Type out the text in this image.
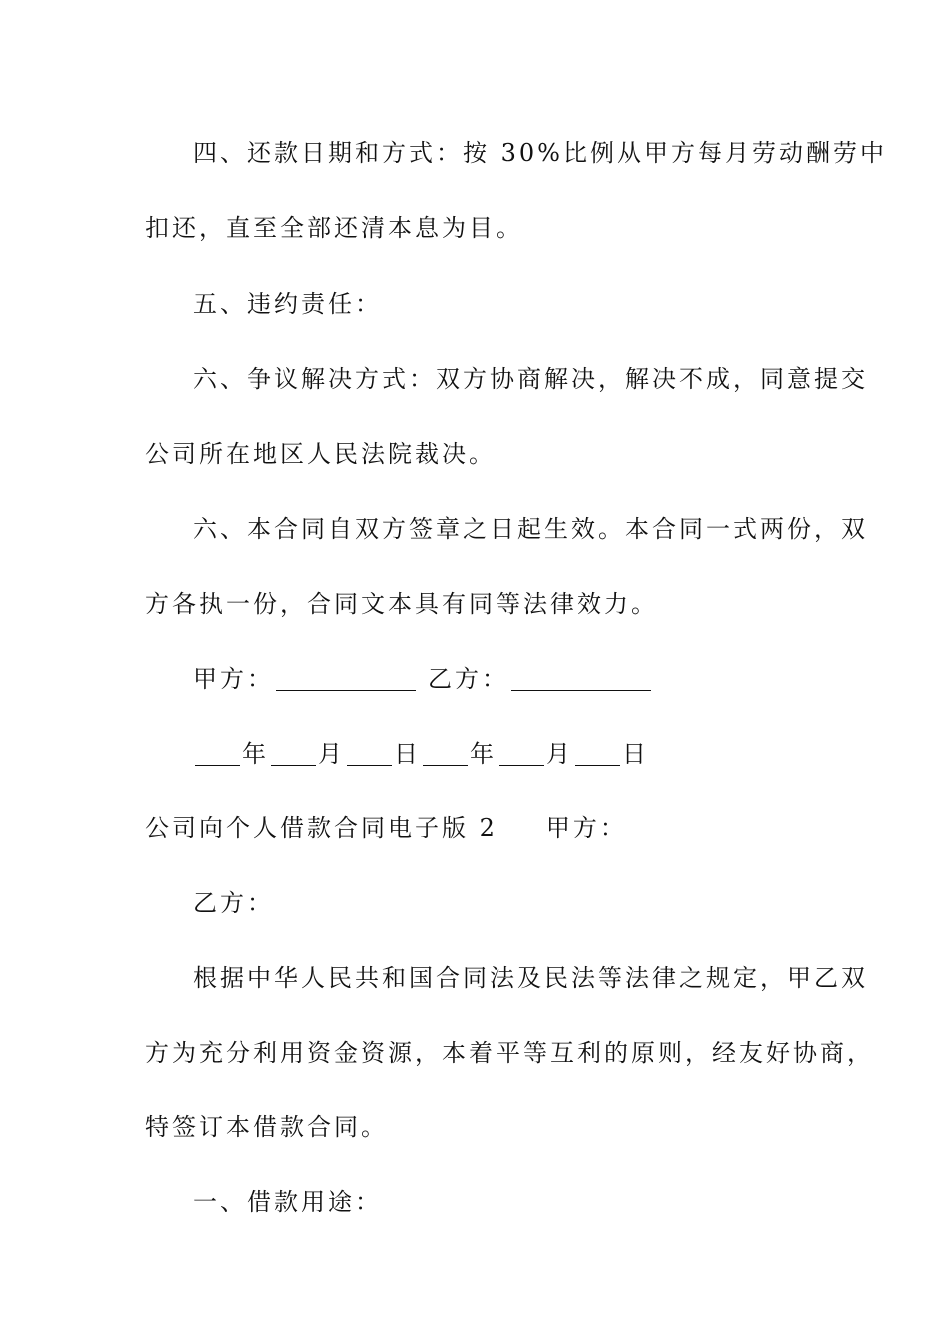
四、还款日期和方式：按 30%比例从甲方每月劳动酬劳中

扣还，直至全部还清本息为目。

五、违约责任：

六、争议解决方式：双方协商解决，解决不成，同意提交

公司所在地区人民法院裁决。

六、本合同自双方签章之日起生效。本合同一式两份，双

方各执一份，合同文本具有同等法律效力。

甲方：	乙方：

年 月 日 年 月 日

公司向个人借款合同电子版 2 甲方：

乙方：

根据中华人民共和国合同法及民法等法律之规定，甲乙双

方为充分利用资金资源，本着平等互利的原则，经友好协商，

特签订本借款合同。

一、借款用途：
